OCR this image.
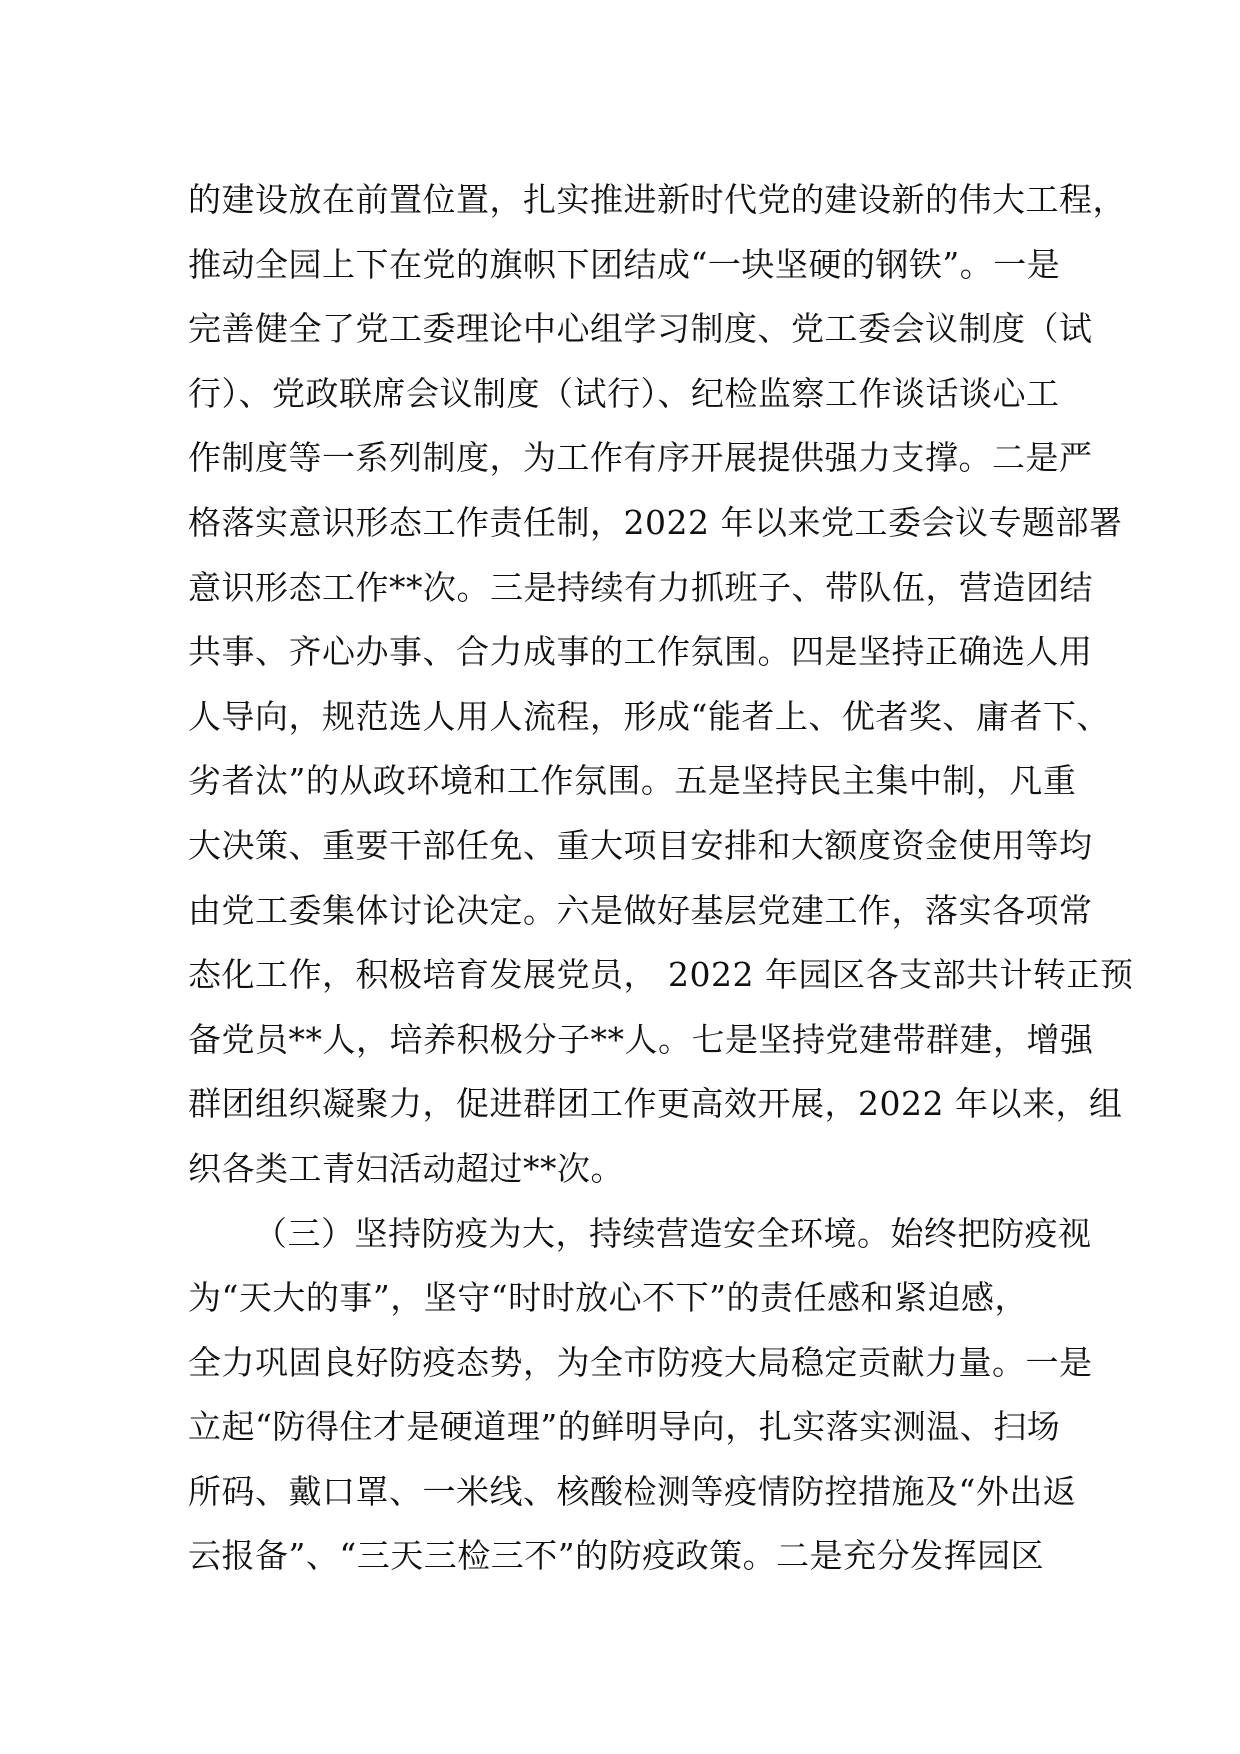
的建设放在前置位置，扎实推进新时代党的建设新的伟大工程，
推动全园上下在党的旗帜下团结成“一块坚硬的钢铁”。一是
完善健全了党工委理论中心组学习制度、党工委会议制度（试
行）、党政联席会议制度（试行）、纪检监察工作谈话谈心工
作制度等一系列制度，为工作有序开展提供强力支撑。二是严
格落实意识形态工作责任制，2022 年以来党工委会议专题部署
意识形态工作**次。三是持续有力抓班子、带队伍，营造团结
共事、齐心办事、合力成事的工作氛围。四是坚持正确选人用
人导向，规范选人用人流程，形成“能者上、优者奖、庸者下、
劣者汰”的从政环境和工作氛围。五是坚持民主集中制，凡重
大决策、重要干部任免、重大项目安排和大额度资金使用等均
由党工委集体讨论决定。六是做好基层党建工作，落实各项常
态化工作，积极培育发展党员， 2022 年园区各支部共计转正预
备党员**人，培养积极分子**人。七是坚持党建带群建，增强
群团组织凝聚力，促进群团工作更高效开展，2022 年以来，组
织各类工青妇活动超过**次。
（三）坚持防疫为大，持续营造安全环境。始终把防疫视
为“天大的事”，坚守“时时放心不下”的责任感和紧迫感，
全力巩固良好防疫态势，为全市防疫大局稳定贡献力量。一是
立起“防得住才是硬道理”的鲜明导向，扎实落实测温、扫场
所码、戴口罩、一米线、核酸检测等疫情防控措施及“外出返
云报备”、“三天三检三不”的防疫政策。二是充分发挥园区
